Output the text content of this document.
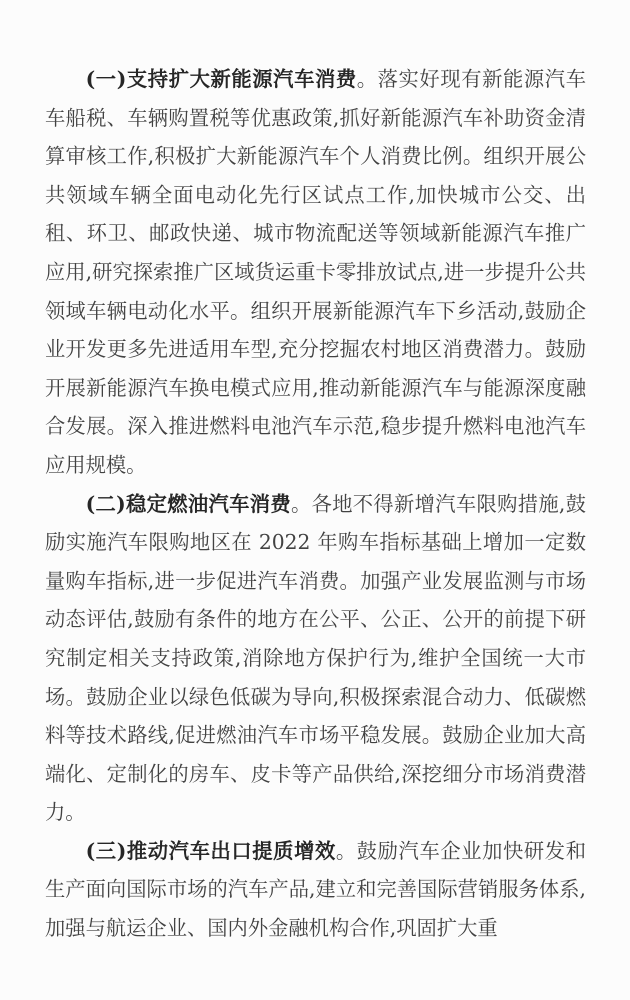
(一)支持扩大新能源汽车消费。落实好现有新能源汽车车船税、车辆购置税等优惠政策,抓好新能源汽车补助资金清算审核工作,积极扩大新能源汽车个人消费比例。组织开展公共领域车辆全面电动化先行区试点工作,加快城市公交、出租、环卫、邮政快递、城市物流配送等领域新能源汽车推广应用,研究探索推广区域货运重卡零排放试点,进一步提升公共领域车辆电动化水平。组织开展新能源汽车下乡活动,鼓励企业开发更多先进适用车型,充分挖掘农村地区消费潜力。鼓励开展新能源汽车换电模式应用,推动新能源汽车与能源深度融合发展。深入推进燃料电池汽车示范,稳步提升燃料电池汽车应用规模。

(二)稳定燃油汽车消费。各地不得新增汽车限购措施,鼓励实施汽车限购地区在 2022 年购车指标基础上增加一定数量购车指标,进一步促进汽车消费。加强产业发展监测与市场动态评估,鼓励有条件的地方在公平、公正、公开的前提下研究制定相关支持政策,消除地方保护行为,维护全国统一大市场。鼓励企业以绿色低碳为导向,积极探索混合动力、低碳燃料等技术路线,促进燃油汽车市场平稳发展。鼓励企业加大高端化、定制化的房车、皮卡等产品供给,深挖细分市场消费潜力。

(三)推动汽车出口提质增效。鼓励汽车企业加快研发和生产面向国际市场的汽车产品,建立和完善国际营销服务体系,加强与航运企业、国内外金融机构合作,巩固扩大重
